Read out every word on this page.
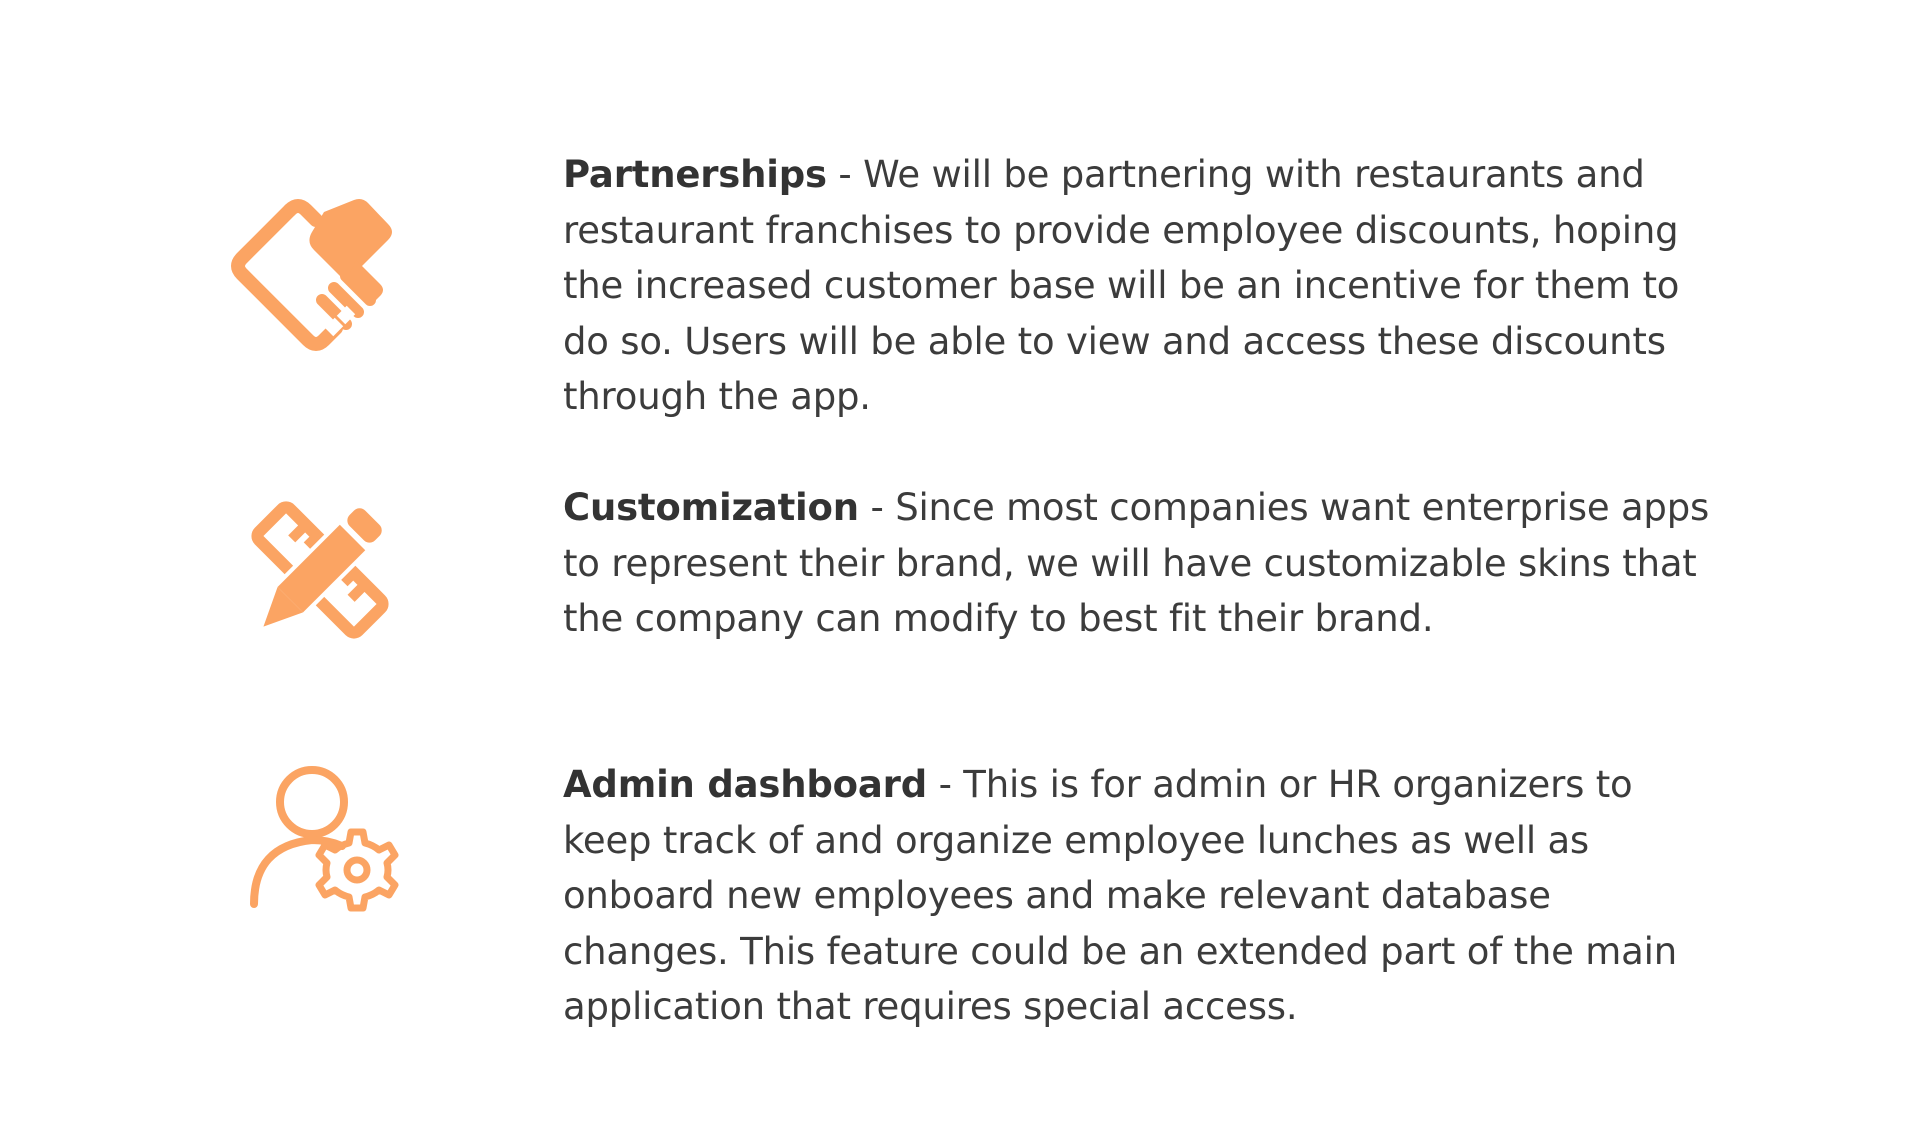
Partnerships - We will be partnering with restaurants and restaurant franchises to provide employee discounts, hoping the increased customer base will be an incentive for them to do so. Users will be able to view and access these discounts through the app.
Customization - Since most companies want enterprise apps to represent their brand, we will have customizable skins that the company can modify to best fit their brand.
Admin dashboard - This is for admin or HR organizers to keep track of and organize employee lunches as well as onboard new employees and make relevant database changes. This feature could be an extended part of the main application that requires special access.
